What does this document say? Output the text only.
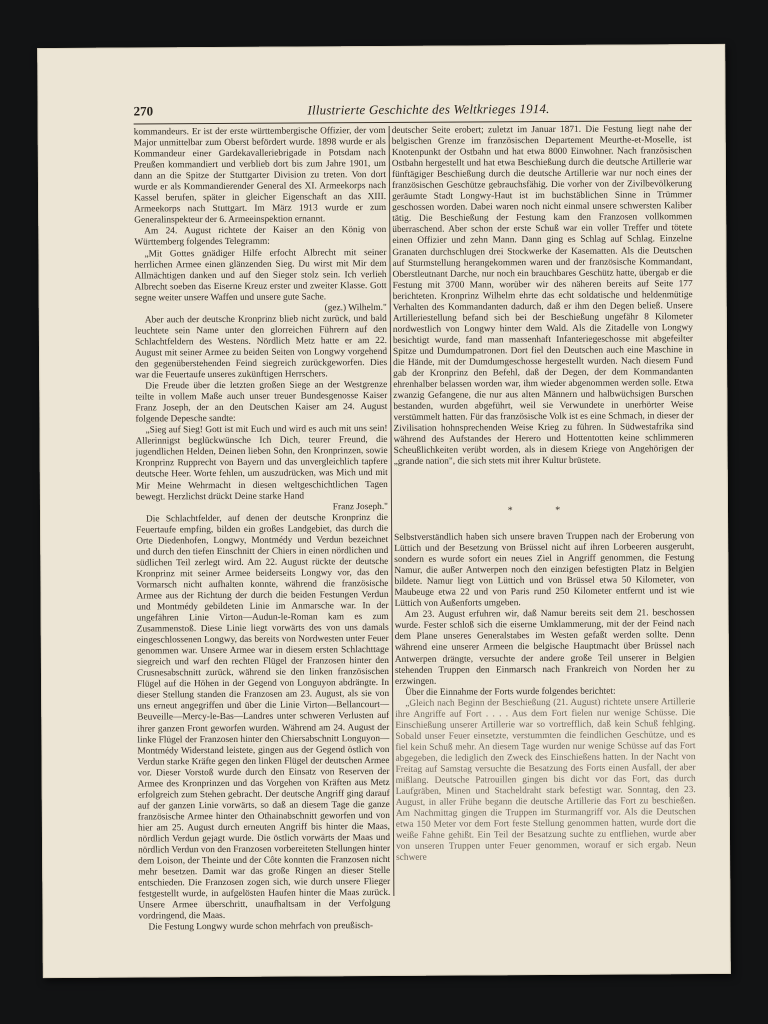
270	Illustrierte Geschichte des Weltkrieges 1914.

kommandeurs. Er ist der erste württembergische Offizier, der vom Major unmittelbar zum Oberst befördert wurde. 1898 wurde er als Kommandeur einer Gardekavalleriebrigade in Potsdam nach Preußen kommandiert und verblieb dort bis zum Jahre 1901, um dann an die Spitze der Stuttgarter Division zu treten. Von dort wurde er als Kommandierender General des XI. Armeekorps nach Kassel berufen, später in gleicher Eigenschaft an das XIII. Armeekorps nach Stuttgart. Im März 1913 wurde er zum Generalinspekteur der 6. Armeeinspektion ernannt.

Am 24. August richtete der Kaiser an den König von Württemberg folgendes Telegramm:

„Mit Gottes gnädiger Hilfe erfocht Albrecht mit seiner herrlichen Armee einen glänzenden Sieg. Du wirst mit Mir dem Allmächtigen danken und auf den Sieger stolz sein. Ich verlieh Albrecht soeben das Eiserne Kreuz erster und zweiter Klasse. Gott segne weiter unsere Waffen und unsere gute Sache.

(gez.) Wilhelm."

Aber auch der deutsche Kronprinz blieb nicht zurück, und bald leuchtete sein Name unter den glorreichen Führern auf den Schlachtfeldern des Westens. Nördlich Metz hatte er am 22. August mit seiner Armee zu beiden Seiten von Longwy vorgehend den gegenüberstehenden Feind siegreich zurückgeworfen. Dies war die Feuertaufe unseres zukünftigen Herrschers.

Die Freude über die letzten großen Siege an der Westgrenze teilte in vollem Maße auch unser treuer Bundesgenosse Kaiser Franz Joseph, der an den Deutschen Kaiser am 24. August folgende Depesche sandte:

„Sieg auf Sieg! Gott ist mit Euch und wird es auch mit uns sein! Allerinnigst beglückwünsche Ich Dich, teurer Freund, die jugendlichen Helden, Deinen lieben Sohn, den Kronprinzen, sowie Kronprinz Rupprecht von Bayern und das unvergleichlich tapfere deutsche Heer. Worte fehlen, um auszudrücken, was Mich und mit Mir Meine Wehrmacht in diesen weltgeschichtlichen Tagen bewegt. Herzlichst drückt Deine starke Hand

Franz Joseph."

Die Schlachtfelder, auf denen der deutsche Kronprinz die Feuertaufe empfing, bilden ein großes Landgebiet, das durch die Orte Diedenhofen, Longwy, Montmédy und Verdun bezeichnet und durch den tiefen Einschnitt der Chiers in einen nördlichen und südlichen Teil zerlegt wird. Am 22. August rückte der deutsche Kronprinz mit seiner Armee beiderseits Longwy vor, das den Vormarsch nicht aufhalten konnte, während die französische Armee aus der Richtung der durch die beiden Festungen Verdun und Montmédy gebildeten Linie im Anmarsche war. In der ungefähren Linie Virton—Audun-le-Roman kam es zum Zusammenstoß. Diese Linie liegt vorwärts des von uns damals eingeschlossenen Longwy, das bereits von Nordwesten unter Feuer genommen war. Unsere Armee war in diesem ersten Schlachttage siegreich und warf den rechten Flügel der Franzosen hinter den Crusnesabschnitt zurück, während sie den linken französischen Flügel auf die Höhen in der Gegend von Longuyon abdrängte. In dieser Stellung standen die Franzosen am 23. August, als sie von uns erneut angegriffen und über die Linie Virton—Bellancourt—Beuveille—Mercy-le-Bas—Landres unter schweren Verlusten auf ihrer ganzen Front geworfen wurden. Während am 24. August der linke Flügel der Franzosen hinter den Chiersabschnitt Longuyon—Montmédy Widerstand leistete, gingen aus der Gegend östlich von Verdun starke Kräfte gegen den linken Flügel der deutschen Armee vor. Dieser Vorstoß wurde durch den Einsatz von Reserven der Armee des Kronprinzen und das Vorgehen von Kräften aus Metz erfolgreich zum Stehen gebracht. Der deutsche Angriff ging darauf auf der ganzen Linie vorwärts, so daß an diesem Tage die ganze französische Armee hinter den Othainabschnitt geworfen und von hier am 25. August durch erneuten Angriff bis hinter die Maas, nördlich Verdun gejagt wurde. Die östlich vorwärts der Maas und nördlich Verdun von den Franzosen vorbereiteten Stellungen hinter dem Loison, der Theinte und der Côte konnten die Franzosen nicht mehr besetzen. Damit war das große Ringen an dieser Stelle entschieden. Die Franzosen zogen sich, wie durch unsere Flieger festgestellt wurde, in aufgelösten Haufen hinter die Maas zurück. Unsere Armee überschritt, unaufhaltsam in der Verfolgung vordringend, die Maas.

Die Festung Longwy wurde schon mehrfach von preußisch-

deutscher Seite erobert; zuletzt im Januar 1871. Die Festung liegt nahe der belgischen Grenze im französischen Departement Meurthe-et-Moselle, ist Knotenpunkt der Ostbahn und hat etwa 8000 Einwohner. Nach französischen Ostbahn hergestellt und hat etwa Beschießung durch die deutsche Artillerie war fünftägiger Beschießung durch die deutsche Artillerie war nur noch eines der französischen Geschütze gebrauchsfähig. Die vorher von der Zivilbevölkerung geräumte Stadt Longwy-Haut ist im buchstäblichen Sinne in Trümmer geschossen worden. Dabei waren noch nicht einmal unsere schwersten Kaliber tätig. Die Beschießung der Festung kam den Franzosen vollkommen überraschend. Aber schon der erste Schuß war ein voller Treffer und tötete einen Offizier und zehn Mann. Dann ging es Schlag auf Schlag. Einzelne Granaten durchschlugen drei Stockwerke der Kasematten. Als die Deutschen auf Sturmstellung herangekommen waren und der französische Kommandant, Oberstleutnant Darche, nur noch ein brauchbares Geschütz hatte, übergab er die Festung mit 3700 Mann, worüber wir des näheren bereits auf Seite 177 berichteten. Kronprinz Wilhelm ehrte das echt soldatische und heldenmütige Verhalten des Kommandanten dadurch, daß er ihm den Degen beließ. Unsere Artilleriestellung befand sich bei der Beschießung ungefähr 8 Kilometer nordwestlich von Longwy hinter dem Wald. Als die Zitadelle von Longwy besichtigt wurde, fand man massenhaft Infanteriegeschosse mit abgefeilter Spitze und Dumdumpatronen. Dort fiel den Deutschen auch eine Maschine in die Hände, mit der Dumdumgeschosse hergestellt wurden. Nach diesem Fund gab der Kronprinz den Befehl, daß der Degen, der dem Kommandanten ehrenhalber belassen worden war, ihm wieder abgenommen werden solle. Etwa zwanzig Gefangene, die nur aus alten Männern und halbwüchsigen Burschen bestanden, wurden abgeführt, weil sie Verwundete in unerhörter Weise verstümmelt hatten. Für das französische Volk ist es eine Schmach, in dieser der Zivilisation hohnsprechenden Weise Krieg zu führen. In Südwestafrika sind während des Aufstandes der Herero und Hottentotten keine schlimmeren Scheußlichkeiten verübt worden, als in diesem Kriege von Angehörigen der „grande nation", die sich stets mit ihrer Kultur brüstete.

* *

Selbstverständlich haben sich unsere braven Truppen nach der Eroberung von Lüttich und der Besetzung von Brüssel nicht auf ihren Lorbeeren ausgeruht, sondern es wurde sofort ein neues Ziel in Angriff genommen, die Festung Namur, die außer Antwerpen noch den einzigen befestigten Platz in Belgien bildete. Namur liegt von Lüttich und von Brüssel etwa 50 Kilometer, von Maubeuge etwa 22 und von Paris rund 250 Kilometer entfernt und ist wie Lüttich von Außenforts umgeben.

Am 23. August erfuhren wir, daß Namur bereits seit dem 21. beschossen wurde. Fester schloß sich die eiserne Umklammerung, mit der der Feind nach dem Plane unseres Generalstabes im Westen gefaßt werden sollte. Denn während eine unserer Armeen die belgische Hauptmacht über Brüssel nach Antwerpen drängte, versuchte der andere große Teil unserer in Belgien stehenden Truppen den Einmarsch nach Frankreich von Norden her zu erzwingen.

Über die Einnahme der Forts wurde folgendes berichtet:

„Gleich nach Beginn der Beschießung (21. August) richtete unsere Artillerie ihre Angriffe auf Fort . . . . Aus dem Fort fielen nur wenige Schüsse. Die Einschießung unserer Artillerie war so vortrefflich, daß kein Schuß fehlging. Sobald unser Feuer einsetzte, verstummten die feindlichen Geschütze, und es fiel kein Schuß mehr. An diesem Tage wurden nur wenige Schüsse auf das Fort abgegeben, die lediglich den Zweck des Einschießens hatten. In der Nacht von Freitag auf Samstag versuchte die Besatzung des Forts einen Ausfall, der aber mißlang. Deutsche Patrouillen gingen bis dicht vor das Fort, das durch Laufgräben, Minen und Stacheldraht stark befestigt war. Sonntag, den 23. August, in aller Frühe begann die deutsche Artillerie das Fort zu beschießen. Am Nachmittag gingen die Truppen im Sturmangriff vor. Als die Deutschen etwa 150 Meter vor dem Fort feste Stellung genommen hatten, wurde dort die weiße Fahne gehißt. Ein Teil der Besatzung suchte zu entfliehen, wurde aber von unseren Truppen unter Feuer genommen, worauf er sich ergab. Neun schwere
